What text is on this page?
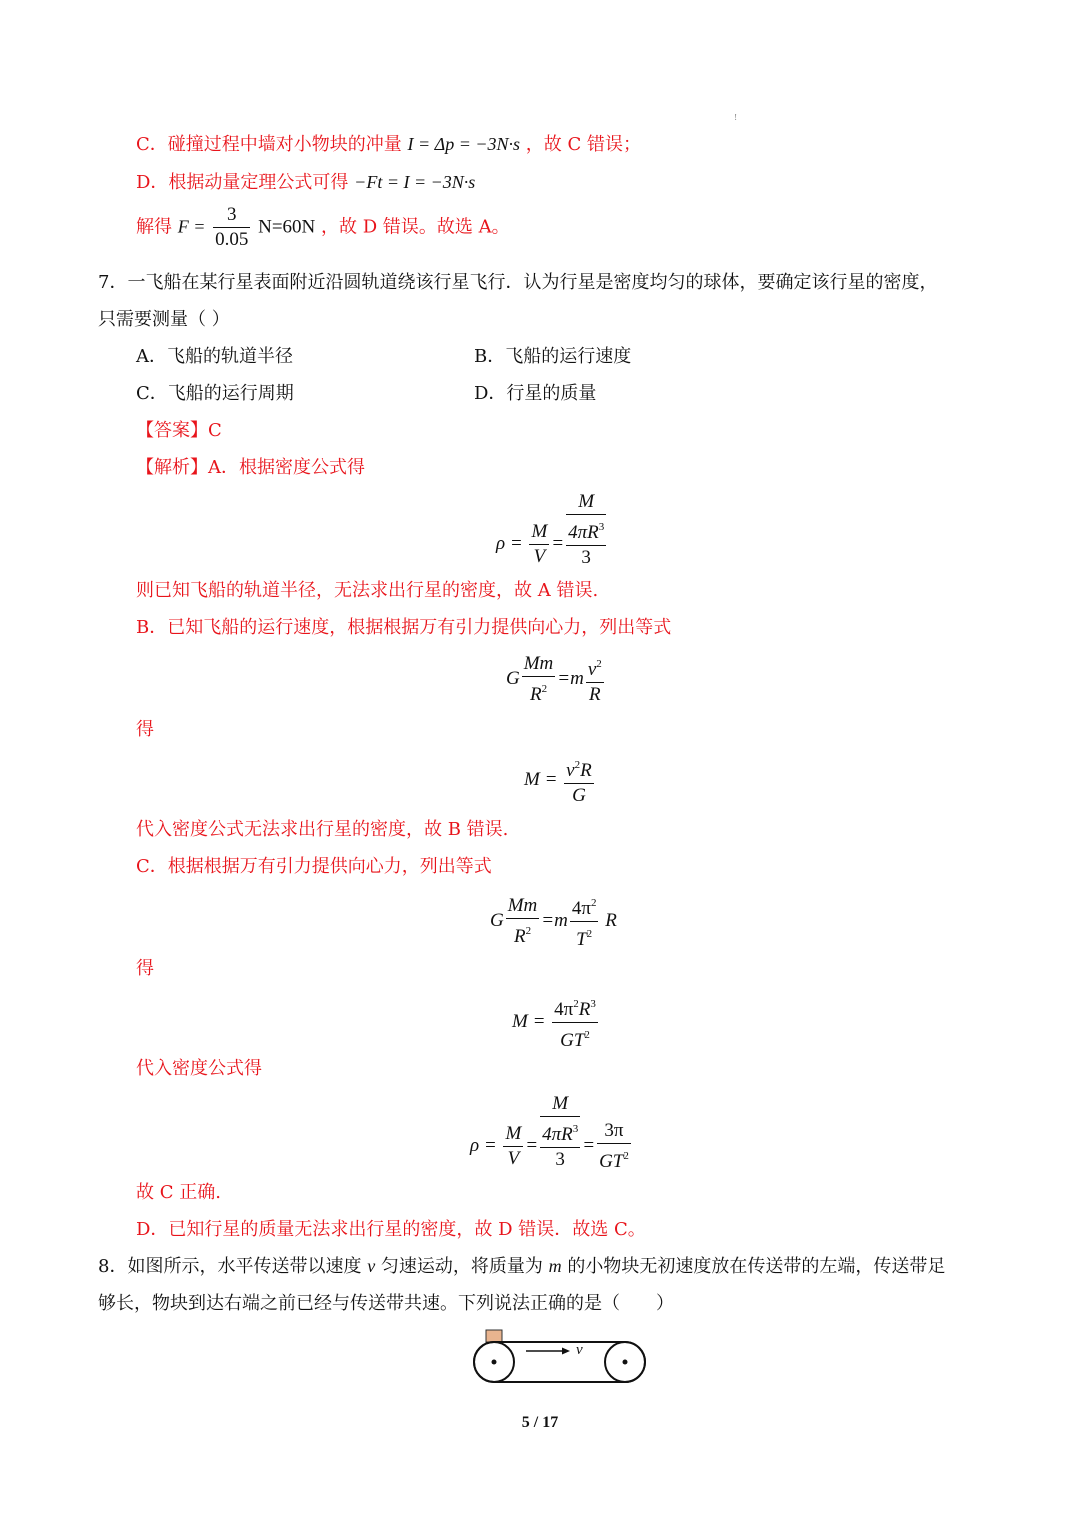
!
C．碰撞过程中墙对小物块的冲量 I = Δp = −3N·s ，故 C 错误；
D．根据动量定理公式可得 −Ft = I = −3N·s
解得 $F = \frac{3}{0.05} N=60N$ ，故 D 错误。故选 A。
7．一飞船在某行星表面附近沿圆轨道绕该行星飞行．认为行星是密度均匀的球体，要确定该行星的密度，
只需要测量（ ）
A．飞船的轨道半径	B．飞船的运行速度
C．飞船的运行周期	D．行星的质量
【答案】C
【解析】A．根据密度公式得
$\rho = \frac{M}{V}$ =
M
$4\pi R^3$
3
则已知飞船的轨道半径，无法求出行星的密度，故 A 错误.
B．已知飞船的运行速度，根据根据万有引力提供向心力，列出等式
G $\frac{Mm}{R^2} =m \frac{v^2}{R}$
得
$M = \frac{v^2R}{G}$
代入密度公式无法求出行星的密度，故 B 错误.
C．根据根据万有引力提供向心力，列出等式
G $\frac{Mm}{R^2} =m \frac{4\pi^2}{T^2}$ R
得
$M = \frac{4\pi^2R^3}{GT^2}$
代入密度公式得
$\rho = \frac{M}{V}$ =
M
$4\pi R^3$
3
= $\frac{3\pi}{GT^2}$
故 C 正确.
D．已知行星的质量无法求出行星的密度，故 D 错误．故选 C。
8．如图所示，水平传送带以速度 v 匀速运动，将质量为 m 的小物块无初速度放在传送带的左端，传送带足
够长，物块到达右端之前已经与传送带共速。下列说法正确的是（　　）
v
5 / 17
